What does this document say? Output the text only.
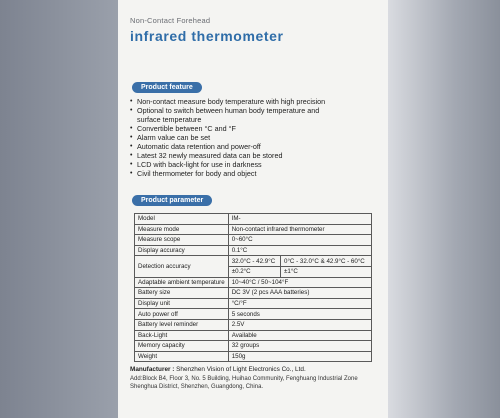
Non-Contact Forehead
infrared thermometer
Product feature
• Non-contact measure body temperature with high precision
• Optional to switch between human body temperature and
surface temperature
• Convertible between °C and °F
• Alarm value can be set
• Automatic data retention and power-off
• Latest 32 newly measured data can be stored
• LCD with back-light for use in darkness
• Civil thermometer for body and object
Product parameter
Model	IM-	
Measure mode	Non-contact infrared thermometer	
Measure scope	0~60°C	
Display accuracy	0.1°C	
Detection accuracy	32.0°C - 42.9°C	0°C - 32.0°C & 42.9°C - 60°C
	±0.2°C	±1°C
Adaptable ambient temperature	10~40°C / 50~104°F	
Battery size	DC 3V (2 pcs AAA batteries)	
Display unit	°C/°F	
Auto power off	5 seconds	
Battery level reminder	2.5V	
Back-Light	Available	
Memory capacity	32 groups	
Weight	150g	
Manufacturer : Shenzhen Vision of Light Electronics Co., Ltd.
Add:Block B4, Floor 3, No. 5 Building, Huihao Community, Fenghuang Industrial Zone Shenghua District, Shenzhen, Guangdong, China.
